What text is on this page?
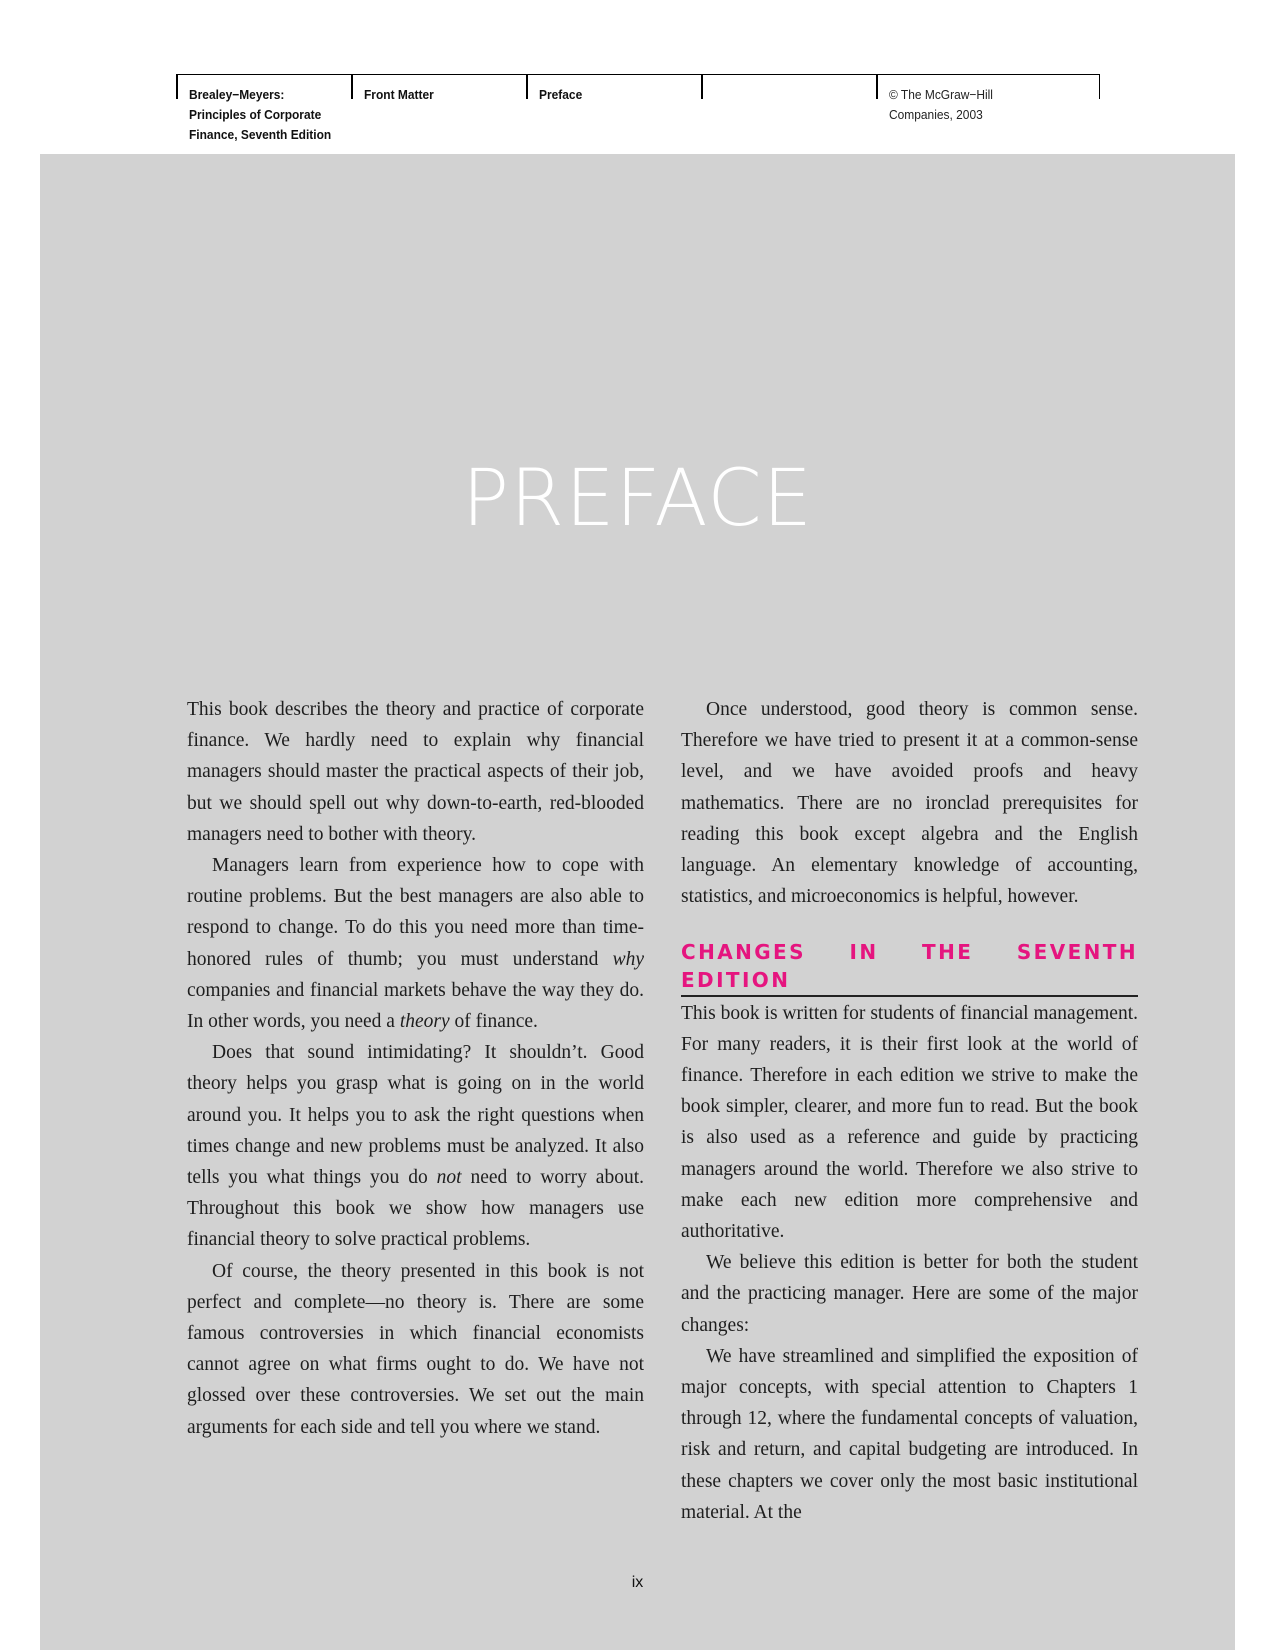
Brealey−Meyers:
Principles of Corporate
Finance, Seventh Edition
Front Matter	Preface	© The McGraw−Hill
Companies, 2003
PREFACE

This book describes the theory and practice of corporate finance. We hardly need to explain why financial managers should master the practical aspects of their job, but we should spell out why down-to-earth, red-blooded managers need to bother with theory.

Managers learn from experience how to cope with routine problems. But the best managers are also able to respond to change. To do this you need more than time-honored rules of thumb; you must understand why companies and financial markets behave the way they do. In other words, you need a theory of finance.

Does that sound intimidating? It shouldn’t. Good theory helps you grasp what is going on in the world around you. It helps you to ask the right questions when times change and new problems must be analyzed. It also tells you what things you do not need to worry about. Throughout this book we show how managers use financial theory to solve practical problems.

Of course, the theory presented in this book is not perfect and complete—no theory is. There are some famous controversies in which financial economists cannot agree on what firms ought to do. We have not glossed over these controversies. We set out the main arguments for each side and tell you where we stand.

Once understood, good theory is common sense. Therefore we have tried to present it at a common-sense level, and we have avoided proofs and heavy mathematics. There are no ironclad prerequisites for reading this book except algebra and the English language. An elementary knowledge of accounting, statistics, and microeconomics is helpful, however.

CHANGES IN THE SEVENTH EDITION

This book is written for students of financial management. For many readers, it is their first look at the world of finance. Therefore in each edition we strive to make the book simpler, clearer, and more fun to read. But the book is also used as a reference and guide by practicing managers around the world. Therefore we also strive to make each new edition more comprehensive and authoritative.

We believe this edition is better for both the student and the practicing manager. Here are some of the major changes:

We have streamlined and simplified the exposition of major concepts, with special attention to Chapters 1 through 12, where the fundamental concepts of valuation, risk and return, and capital budgeting are introduced. In these chapters we cover only the most basic institutional material. At the

ix
